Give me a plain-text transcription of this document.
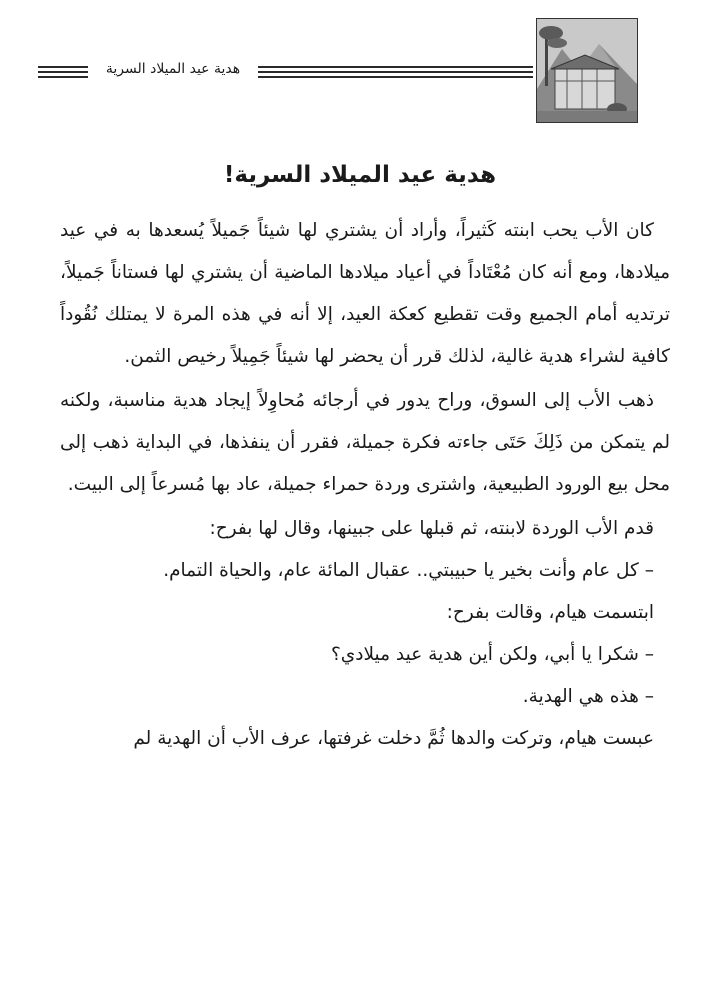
هدية عيد الميلاد السرية
هدية عيد الميلاد السرية!

كان الأب يحب ابنته كَثيراً، وأراد أن يشتري لها شيئاً جَميلاً يُسعدها به في عيد ميلادها، ومع أنه كان مُعْتَاداً في أعياد ميلادها الماضية أن يشتري لها فستاناً جَميلاً، ترتديه أمام الجميع وقت تقطيع كعكة العيد، إلا أنه في هذه المرة لا يمتلك نُقُوداً كافية لشراء هدية غالية، لذلك قرر أن يحضر لها شيئاً جَمِيلاً رخيص الثمن.

ذهب الأب إلى السوق، وراح يدور في أرجائه مُحاوِلاً إيجاد هدية مناسبة، ولكنه لم يتمكن من ذَلِكَ حَتَى جاءته فكرة جميلة، فقرر أن ينفذها، في البداية ذهب إلى محل بيع الورود الطبيعية، واشترى وردة حمراء جميلة، عاد بها مُسرعاً إلى البيت.

قدم الأب الوردة لابنته، ثم قبلها على جبينها، وقال لها بفرح:

– كل عام وأنت بخير يا حبيبتي.. عقبال المائة عام، والحياة التمام.

ابتسمت هيام، وقالت بفرح:

– شكرا يا أبي، ولكن أين هدية عيد ميلادي؟

– هذه هي الهدية.

عبست هيام، وتركت والدها ثُمَّ دخلت غرفتها، عرف الأب أن الهدية لم
